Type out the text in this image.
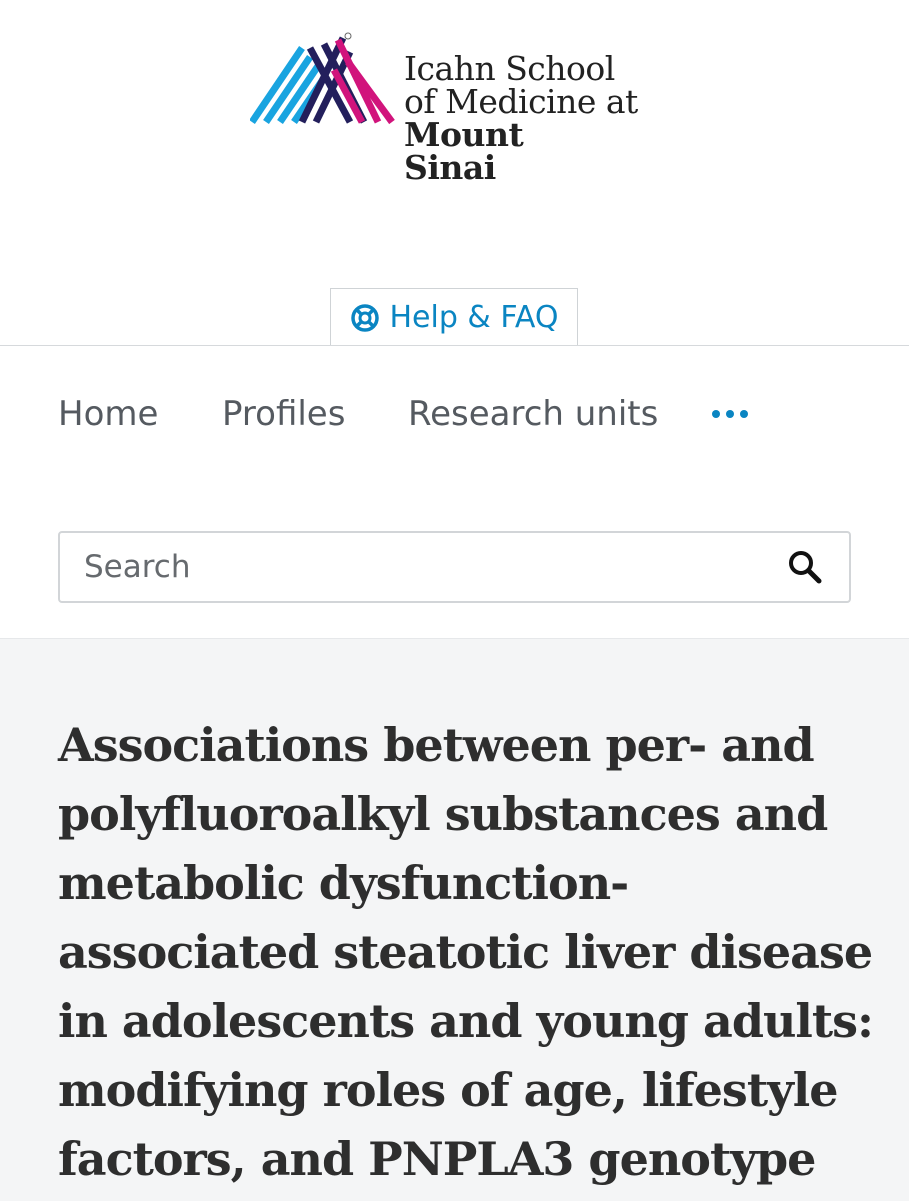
Icahn School
of Medicine at
Mount
Sinai
Help & FAQ
Home Profiles Research units
Search
Associations between per- and
polyfluoroalkyl substances and
metabolic dysfunction-
associated steatotic liver disease
in adolescents and young adults:
modifying roles of age, lifestyle
factors, and PNPLA3 genotype
